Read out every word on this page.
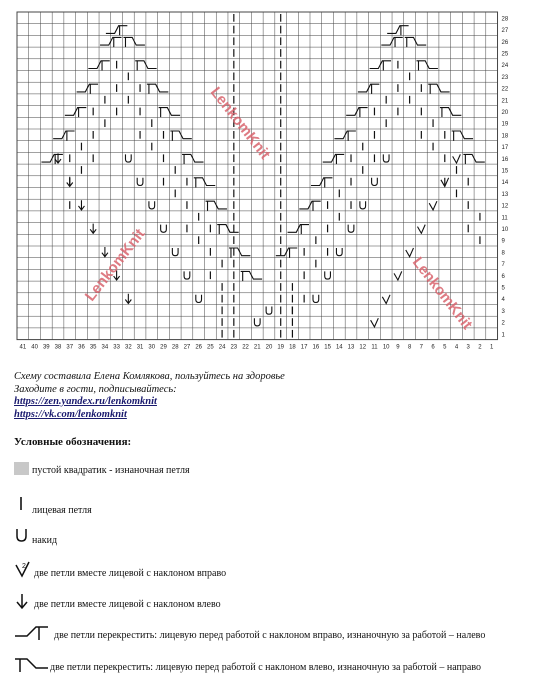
28
27
26
25
24
23
22
21
20
19
18
17
16
15
14
13
12
11
10
9
8
7
6
5
4
3
2
1
41 40 39 38 37 36 35 34 33 32 31 30 29 28 27 26 25 24 23 22 21 20 19 18 17 16 15 14 13 12 11 10 9 8 7 6 5 4 3 2 1
LenkomKnit
LenkomKnit
LenkomKnit
Схему составила Елена Комлякова, пользуйтесь на здоровье
Заходите в гости, подписывайтесь:
https://zen.yandex.ru/lenkomknit
https://vk.com/lenkomknit
Условные обозначения:
пустой квадратик - изнаночная петля
лицевая петля
накид
2
две петли вместе лицевой с наклоном вправо
две петли вместе лицевой с наклоном влево
две петли перекрестить: лицевую перед работой с наклоном вправо, изнаночную за работой – налево
две петли перекрестить: лицевую перед работой с наклоном влево, изнаночную за работой – направо
